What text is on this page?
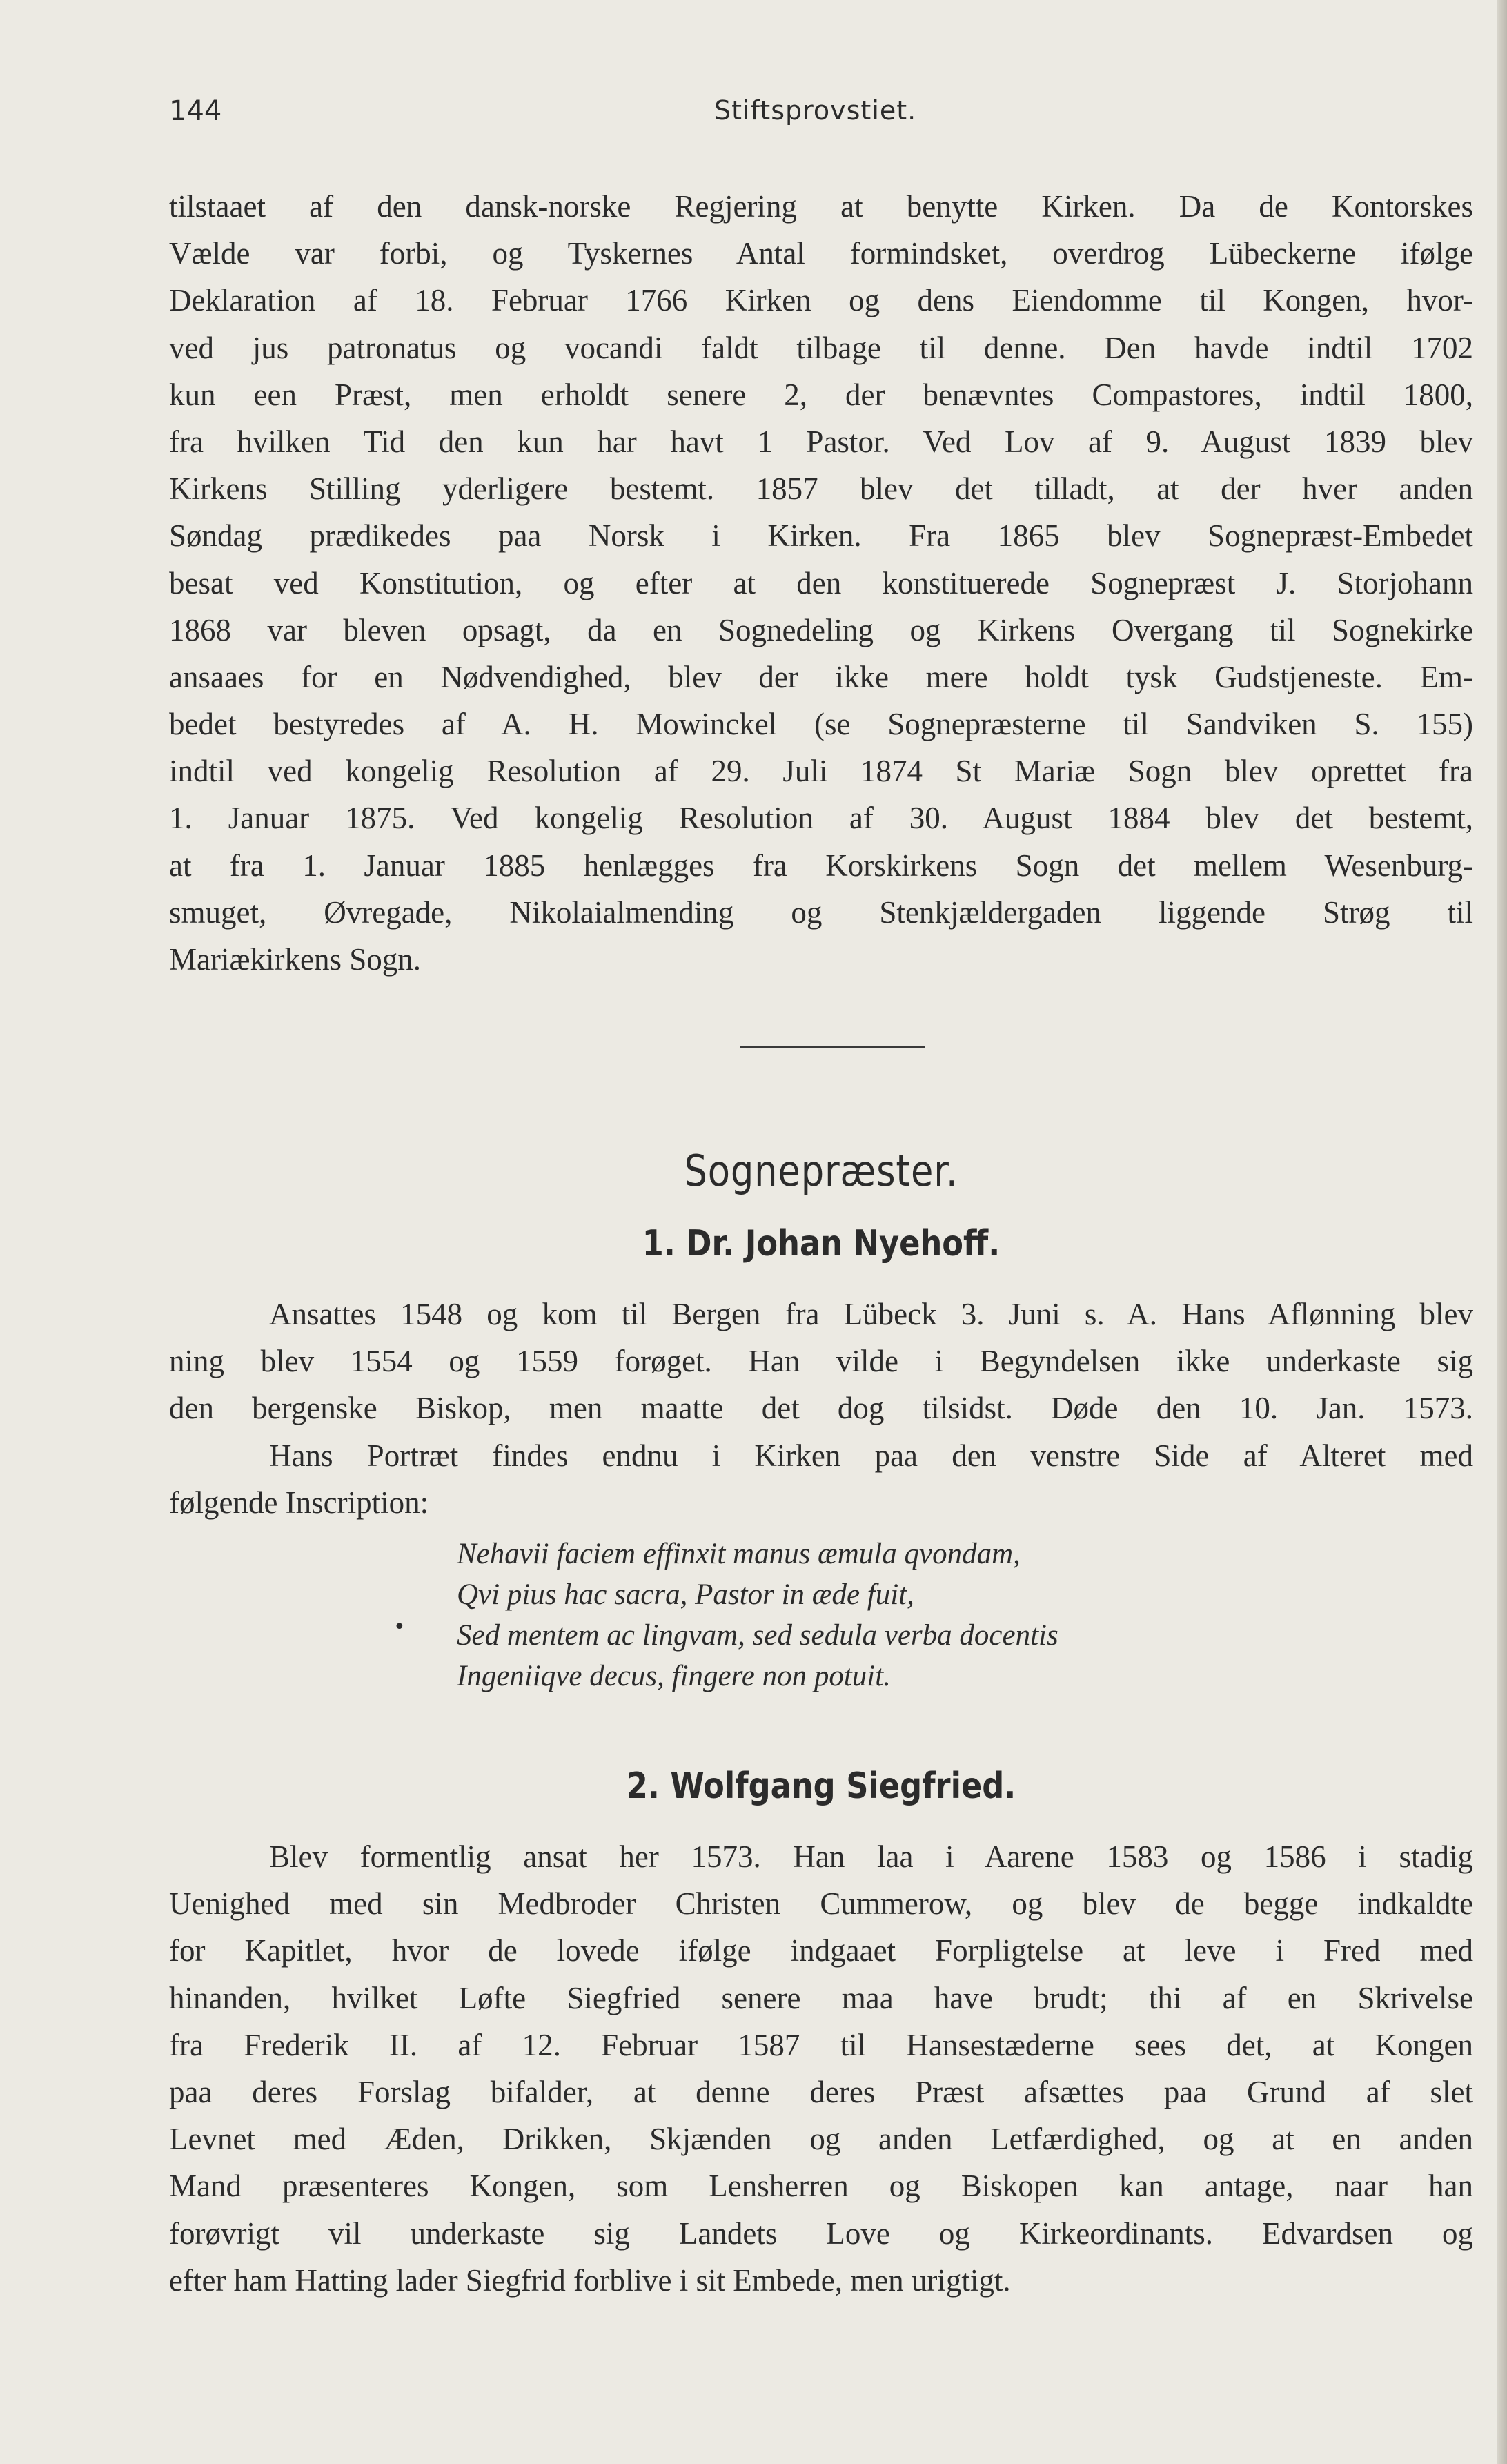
144	Stiftsprovstiet.
tilstaaet af den dansk-norske Regjering at benytte Kirken. Da de Kontorskes
Vælde var forbi, og Tyskernes Antal formindsket, overdrog Lübeckerne ifølge
Deklaration af 18. Februar 1766 Kirken og dens Eiendomme til Kongen, hvor-
ved jus patronatus og vocandi faldt tilbage til denne. Den havde indtil 1702
kun een Præst, men erholdt senere 2, der benævntes Compastores, indtil 1800,
fra hvilken Tid den kun har havt 1 Pastor. Ved Lov af 9. August 1839 blev
Kirkens Stilling yderligere bestemt. 1857 blev det tilladt, at der hver anden
Søndag prædikedes paa Norsk i Kirken. Fra 1865 blev Sognepræst-Embedet
besat ved Konstitution, og efter at den konstituerede Sognepræst J. Storjohann
1868 var bleven opsagt, da en Sognedeling og Kirkens Overgang til Sognekirke
ansaaes for en Nødvendighed, blev der ikke mere holdt tysk Gudstjeneste. Em-
bedet bestyredes af A. H. Mowinckel (se Sognepræsterne til Sandviken S. 155)
indtil ved kongelig Resolution af 29. Juli 1874 St Mariæ Sogn blev oprettet fra
1. Januar 1875. Ved kongelig Resolution af 30. August 1884 blev det bestemt,
at fra 1. Januar 1885 henlægges fra Korskirkens Sogn det mellem Wesenburg-
smuget, Øvregade, Nikolaialmending og Stenkjældergaden liggende Strøg til
Mariækirkens Sogn.
Sognepræster.
1. Dr. Johan Nyehoff.
Ansattes 1548 og kom til Bergen fra Lübeck 3. Juni s. A. Hans Aflønning blev
ning blev 1554 og 1559 forøget. Han vilde i Begyndelsen ikke underkaste sig
den bergenske Biskop, men maatte det dog tilsidst. Døde den 10. Jan. 1573.
Hans Portræt findes endnu i Kirken paa den venstre Side af Alteret med
følgende Inscription:
•
Nehavii faciem effinxit manus æmula qvondam,
Qvi pius hac sacra, Pastor in æde fuit,
Sed mentem ac lingvam, sed sedula verba docentis
Ingeniiqve decus, fingere non potuit.
2. Wolfgang Siegfried.
Blev formentlig ansat her 1573. Han laa i Aarene 1583 og 1586 i stadig
Uenighed med sin Medbroder Christen Cummerow, og blev de begge indkaldte
for Kapitlet, hvor de lovede ifølge indgaaet Forpligtelse at leve i Fred med
hinanden, hvilket Løfte Siegfried senere maa have brudt; thi af en Skrivelse
fra Frederik II. af 12. Februar 1587 til Hansestæderne sees det, at Kongen
paa deres Forslag bifalder, at denne deres Præst afsættes paa Grund af slet
Levnet med Æden, Drikken, Skjænden og anden Letfærdighed, og at en anden
Mand præsenteres Kongen, som Lensherren og Biskopen kan antage, naar han
forøvrigt vil underkaste sig Landets Love og Kirkeordinants. Edvardsen og
efter ham Hatting lader Siegfrid forblive i sit Embede, men urigtigt.
